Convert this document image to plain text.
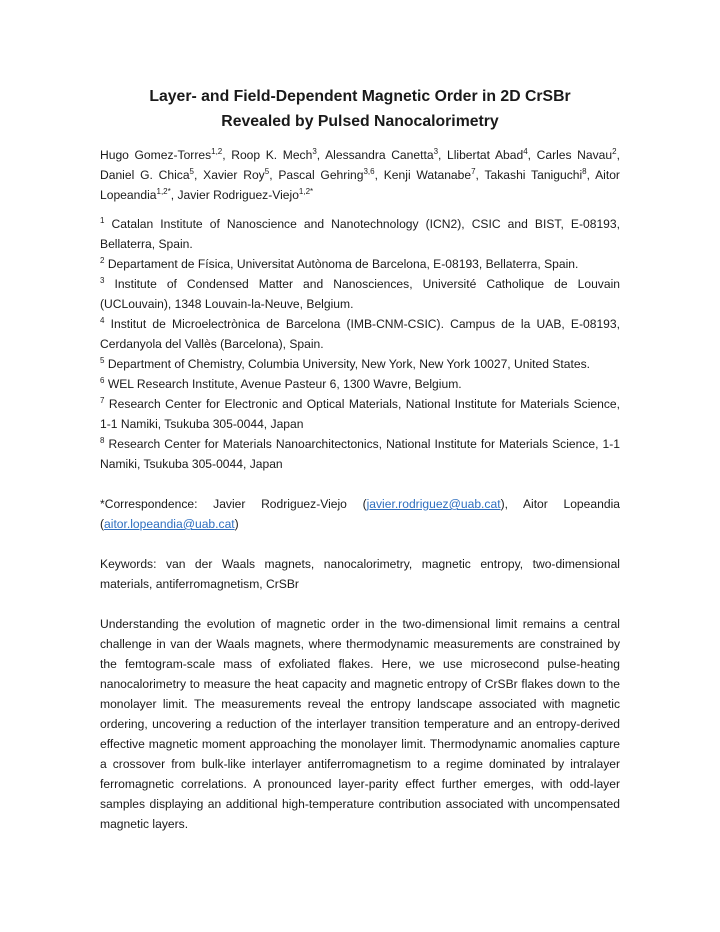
Layer- and Field-Dependent Magnetic Order in 2D CrSBr
Revealed by Pulsed Nanocalorimetry

Hugo Gomez-Torres$^{1,2}$, Roop K. Mech$^3$, Alessandra Canetta$^3$, Llibertat Abad$^4$, Carles Navau$^2$, Daniel G. Chica$^5$, Xavier Roy$^5$, Pascal Gehring$^{3,6}$, Kenji Watanabe$^7$, Takashi Taniguchi$^8$, Aitor Lopeandia$^{1,2*}$, Javier Rodriguez-Viejo$^{1,2*}$

$^1$ Catalan Institute of Nanoscience and Nanotechnology (ICN2), CSIC and BIST, E-08193, Bellaterra, Spain.

$^2$ Departament de Física, Universitat Autònoma de Barcelona, E-08193, Bellaterra, Spain.

$^3$ Institute of Condensed Matter and Nanosciences, Université Catholique de Louvain (UCLouvain), 1348 Louvain-la-Neuve, Belgium.

$^4$ Institut de Microelectrònica de Barcelona (IMB-CNM-CSIC). Campus de la UAB, E-08193, Cerdanyola del Vallès (Barcelona), Spain.

$^5$ Department of Chemistry, Columbia University, New York, New York 10027, United States.

$^6$ WEL Research Institute, Avenue Pasteur 6, 1300 Wavre, Belgium.

$^7$ Research Center for Electronic and Optical Materials, National Institute for Materials Science, 1-1 Namiki, Tsukuba 305-0044, Japan

$^8$ Research Center for Materials Nanoarchitectonics, National Institute for Materials Science, 1-1 Namiki, Tsukuba 305-0044, Japan

*Correspondence: Javier Rodriguez-Viejo (javier.rodriguez@uab.cat), Aitor Lopeandia (aitor.lopeandia@uab.cat)

Keywords: van der Waals magnets, nanocalorimetry, magnetic entropy, two-dimensional materials, antiferromagnetism, CrSBr

Understanding the evolution of magnetic order in the two-dimensional limit remains a central challenge in van der Waals magnets, where thermodynamic measurements are constrained by the femtogram-scale mass of exfoliated flakes. Here, we use microsecond pulse-heating nanocalorimetry to measure the heat capacity and magnetic entropy of CrSBr flakes down to the monolayer limit. The measurements reveal the entropy landscape associated with magnetic ordering, uncovering a reduction of the interlayer transition temperature and an entropy-derived effective magnetic moment approaching the monolayer limit. Thermodynamic anomalies capture a crossover from bulk-like interlayer antiferromagnetism to a regime dominated by intralayer ferromagnetic correlations. A pronounced layer-parity effect further emerges, with odd-layer samples displaying an additional high-temperature contribution associated with uncompensated magnetic layers.
